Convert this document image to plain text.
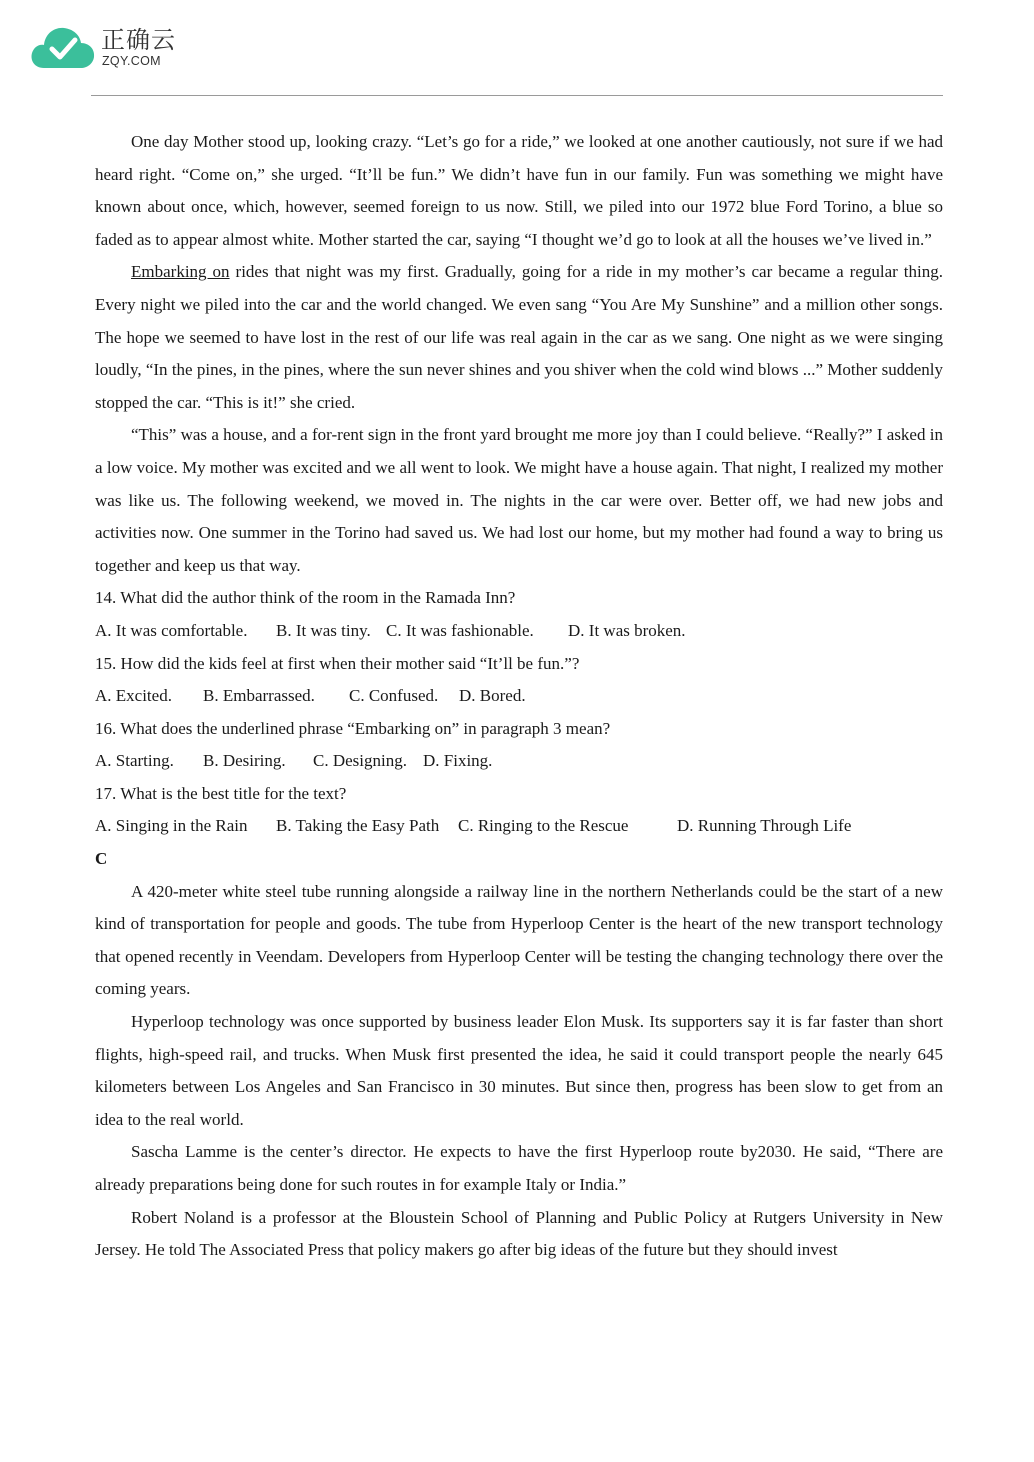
正确云
ZQY.COM

One day Mother stood up, looking crazy. “Let’s go for a ride,” we looked at one another cautiously, not sure if we had heard right. “Come on,” she urged. “It’ll be fun.” We didn’t have fun in our family. Fun was something we might have known about once, which, however, seemed foreign to us now. Still, we piled into our 1972 blue Ford Torino, a blue so faded as to appear almost white. Mother started the car, saying “I thought we’d go to look at all the houses we’ve lived in.”

Embarking on rides that night was my first. Gradually, going for a ride in my mother’s car became a regular thing. Every night we piled into the car and the world changed. We even sang “You Are My Sunshine” and a million other songs. The hope we seemed to have lost in the rest of our life was real again in the car as we sang. One night as we were singing loudly, “In the pines, in the pines, where the sun never shines and you shiver when the cold wind blows ...” Mother suddenly stopped the car. “This is it!” she cried.

“This” was a house, and a for-rent sign in the front yard brought me more joy than I could believe. “Really?” I asked in a low voice. My mother was excited and we all went to look. We might have a house again. That night, I realized my mother was like us. The following weekend, we moved in. The nights in the car were over. Better off, we had new jobs and activities now. One summer in the Torino had saved us. We had lost our home, but my mother had found a way to bring us together and keep us that way.

14. What did the author think of the room in the Ramada Inn?

A. It was comfortable. B. It was tiny. C. It was fashionable. D. It was broken.

15. How did the kids feel at first when their mother said “It’ll be fun.”?

A. Excited. B. Embarrassed. C. Confused. D. Bored.

16. What does the underlined phrase “Embarking on” in paragraph 3 mean?

A. Starting. B. Desiring. C. Designing. D. Fixing.

17. What is the best title for the text?

A. Singing in the Rain B. Taking the Easy Path C. Ringing to the Rescue	D. Running Through Life

C

A 420-meter white steel tube running alongside a railway line in the northern Netherlands could be the start of a new kind of transportation for people and goods. The tube from Hyperloop Center is the heart of the new transport technology that opened recently in Veendam. Developers from Hyperloop Center will be testing the changing technology there over the coming years.

Hyperloop technology was once supported by business leader Elon Musk. Its supporters say it is far faster than short flights, high-speed rail, and trucks. When Musk first presented the idea, he said it could transport people the nearly 645 kilometers between Los Angeles and San Francisco in 30 minutes. But since then, progress has been slow to get from an idea to the real world.

Sascha Lamme is the center’s director. He expects to have the first Hyperloop route by2030. He said, “There are already preparations being done for such routes in for example Italy or India.”

Robert Noland is a professor at the Bloustein School of Planning and Public Policy at Rutgers University in New Jersey. He told The Associated Press that policy makers go after big ideas of the future but they should invest
